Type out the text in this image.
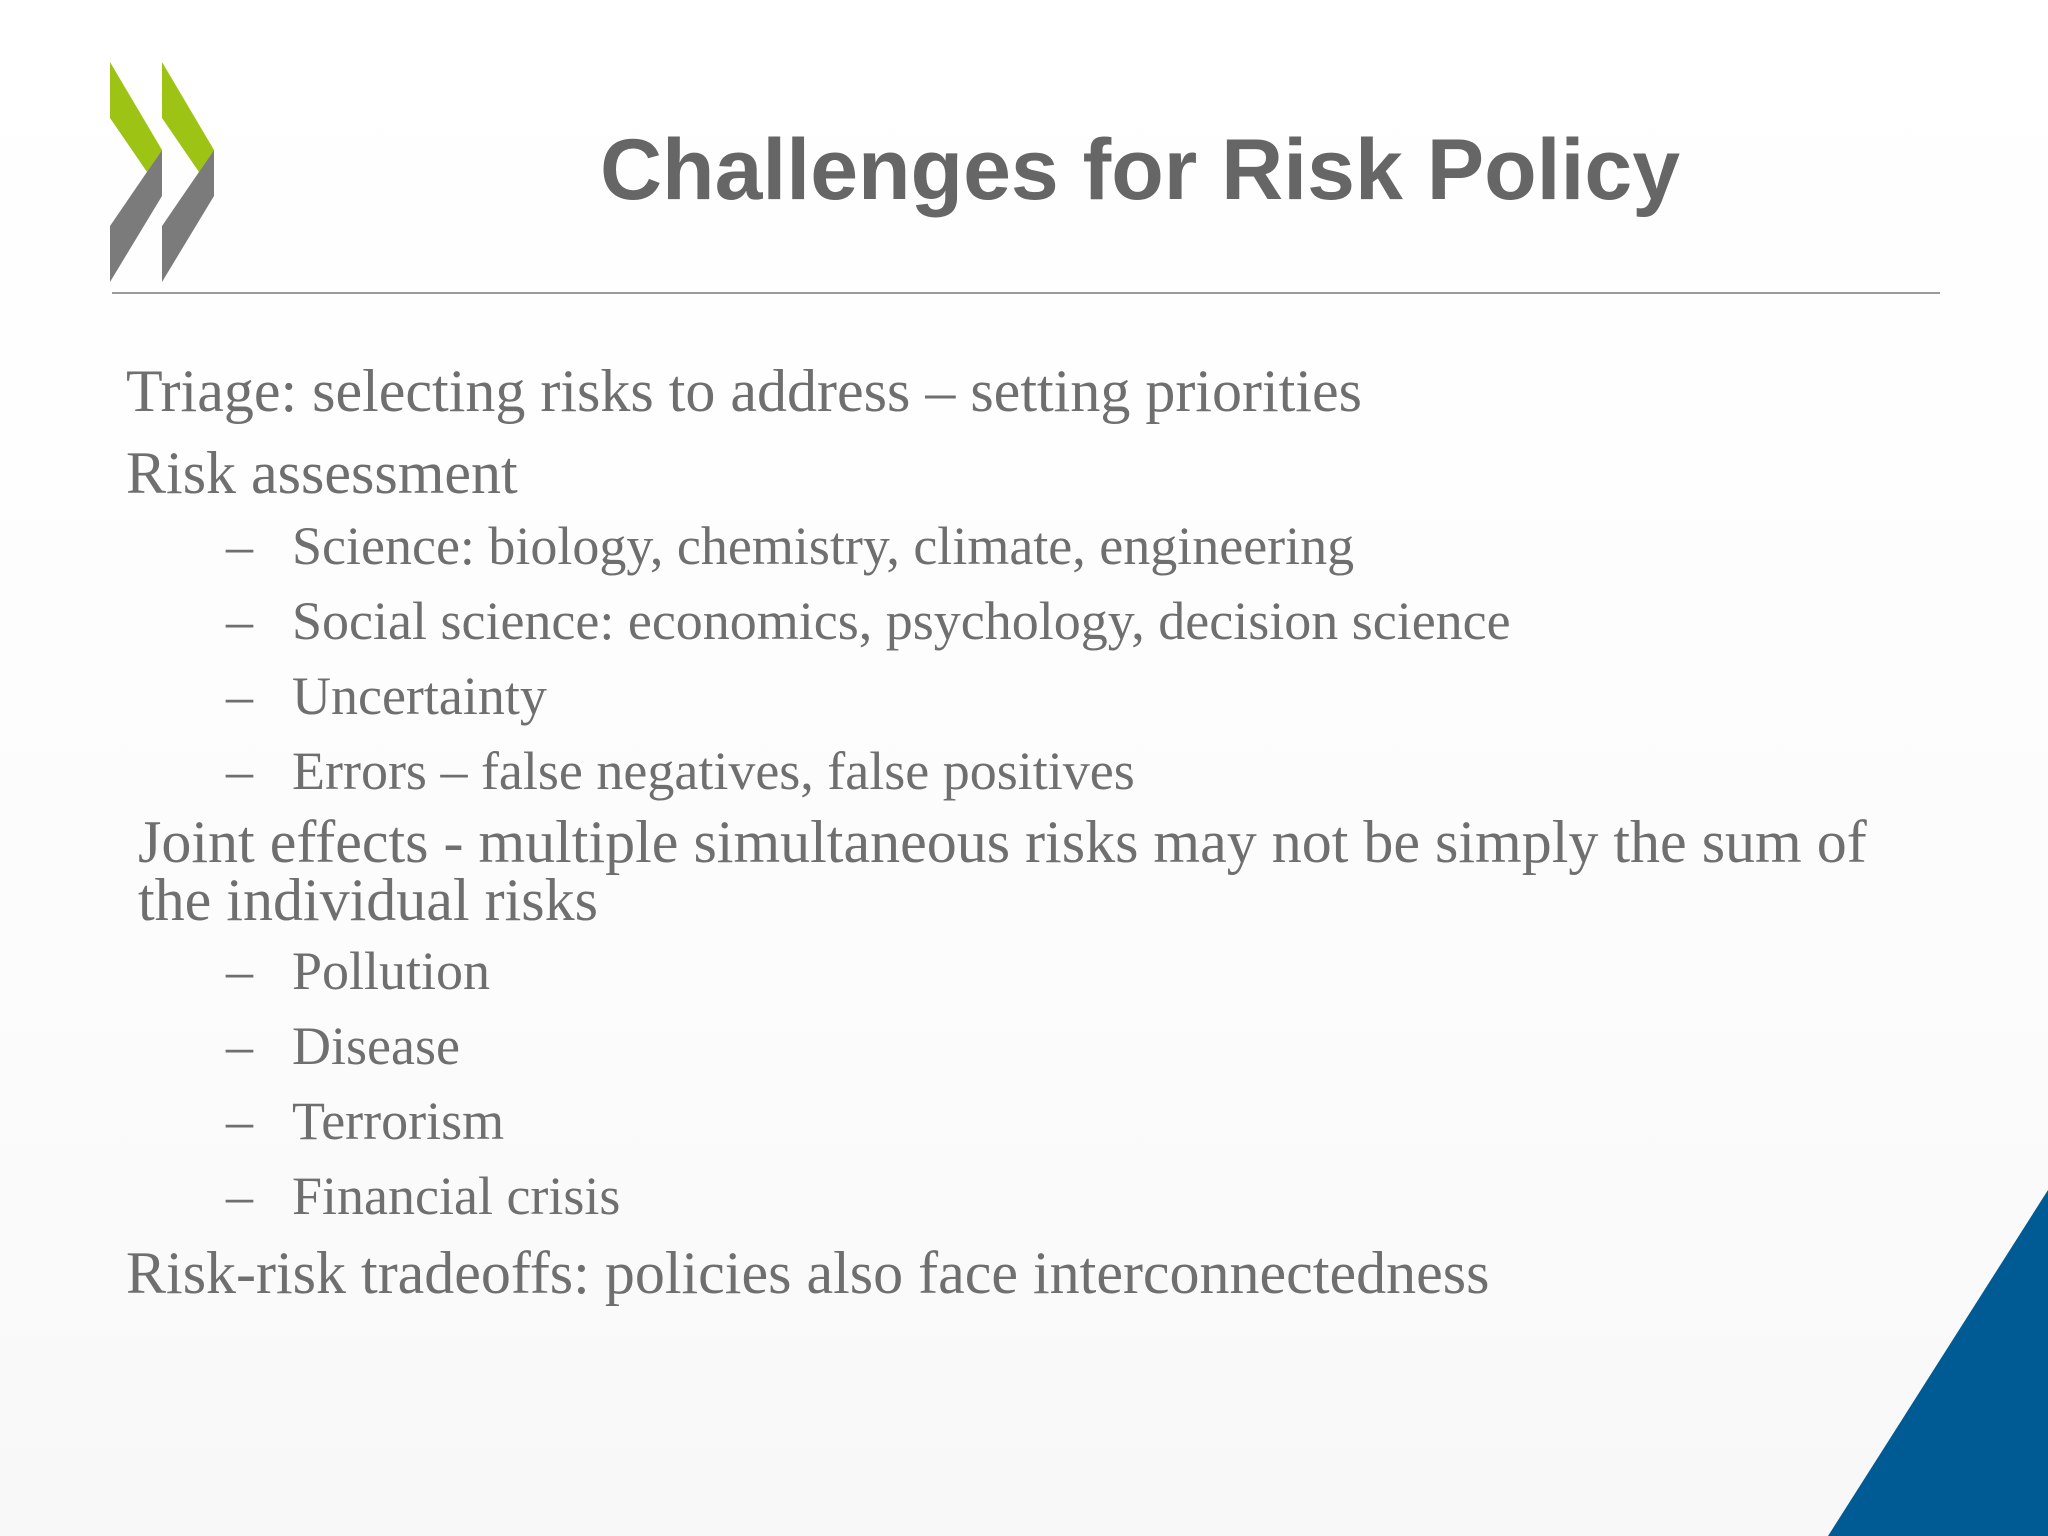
Challenges for Risk Policy

Triage: selecting risks to address – setting priorities

Risk assessment

– Science: biology, chemistry, climate, engineering
– Social science: economics, psychology, decision science
– Uncertainty
– Errors – false negatives, false positives

Joint effects - multiple simultaneous risks may not be simply the sum of the individual risks

– Pollution
– Disease
– Terrorism
– Financial crisis

Risk-risk tradeoffs: policies also face interconnectedness
